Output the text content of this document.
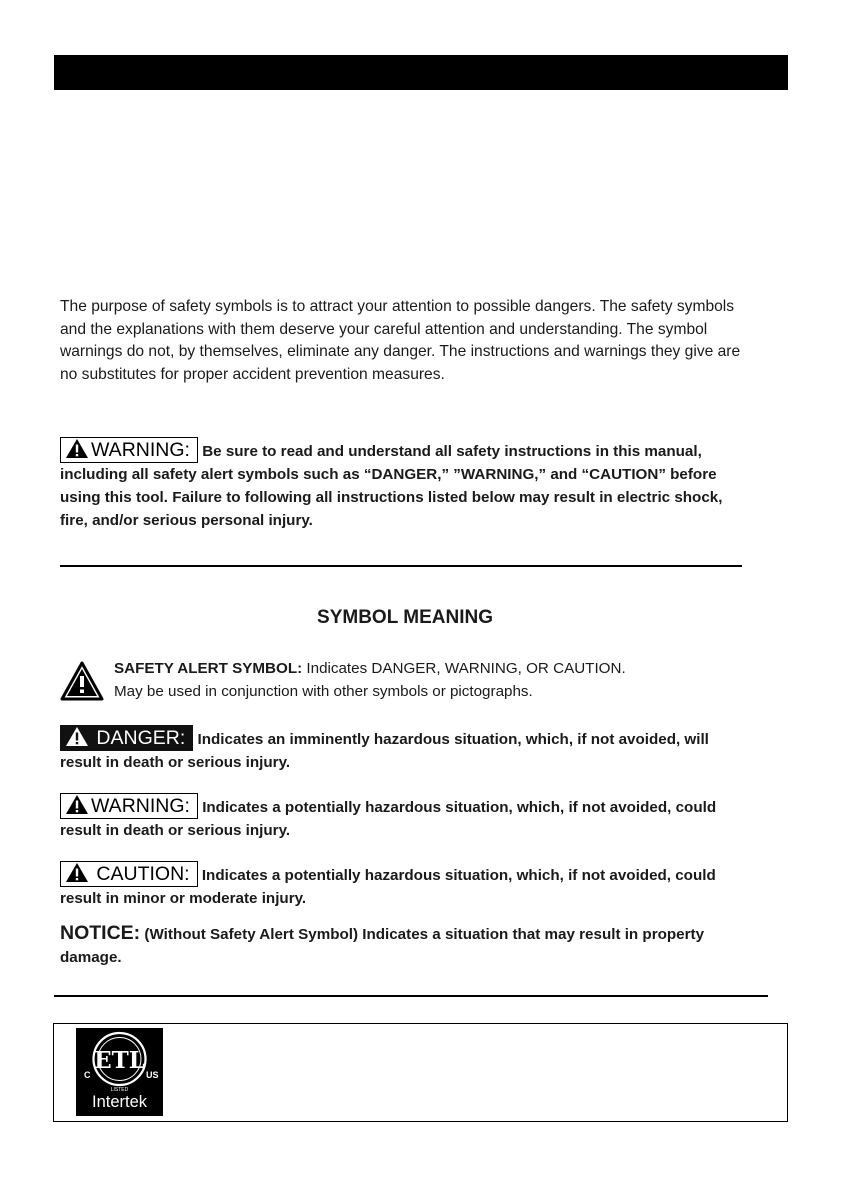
The purpose of safety symbols is to attract your attention to possible dangers. The safety symbols and the explanations with them deserve your careful attention and understanding. The symbol warnings do not, by themselves, eliminate any danger. The instructions and warnings they give are no substitutes for proper accident prevention measures.

WARNING: Be sure to read and understand all safety instructions in this manual, including all safety alert symbols such as “DANGER,” ”WARNING,” and “CAUTION” before using this tool. Failure to following all instructions listed below may result in electric shock, fire, and/or serious personal injury.

SYMBOL MEANING
SAFETY ALERT SYMBOL: Indicates DANGER, WARNING, OR CAUTION.
May be used in conjunction with other symbols or pictographs.

DANGER: Indicates an imminently hazardous situation, which, if not avoided, will result in death or serious injury.

WARNING: Indicates a potentially hazardous situation, which, if not avoided, could result in death or serious injury.

CAUTION: Indicates a potentially hazardous situation, which, if not avoided, could result in minor or moderate injury.

NOTICE: (Without Safety Alert Symbol) Indicates a situation that may result in property damage.

ETL
C	US
LISTED
Intertek
